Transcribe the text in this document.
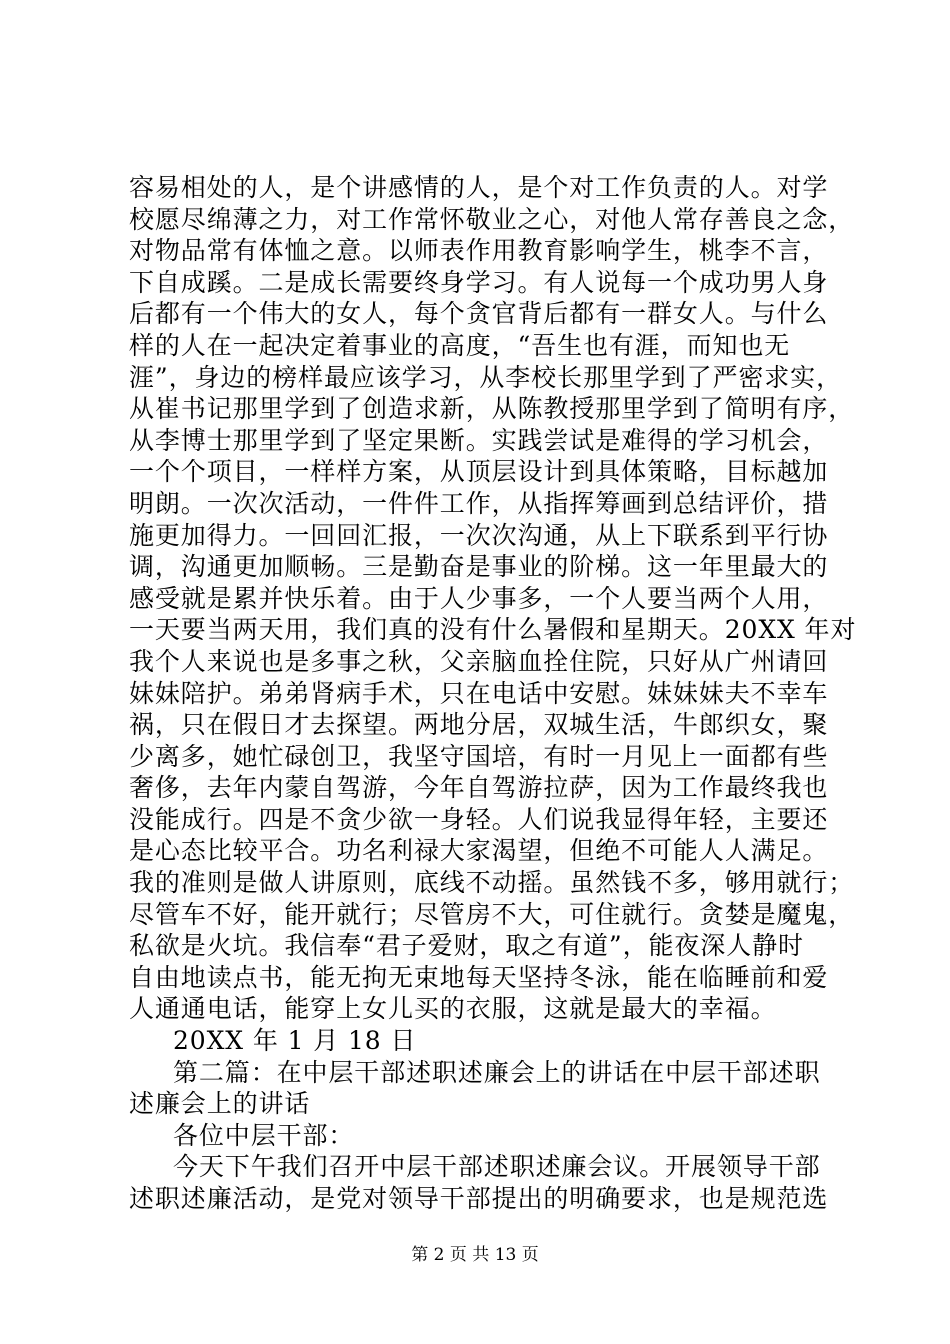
容易相处的人，是个讲感情的人，是个对工作负责的人。对学
校愿尽绵薄之力，对工作常怀敬业之心，对他人常存善良之念，
对物品常有体恤之意。以师表作用教育影响学生，桃李不言，
下自成蹊。二是成长需要终身学习。有人说每一个成功男人身
后都有一个伟大的女人，每个贪官背后都有一群女人。与什么
样的人在一起决定着事业的高度，“吾生也有涯，而知也无
涯”，身边的榜样最应该学习，从李校长那里学到了严密求实，
从崔书记那里学到了创造求新，从陈教授那里学到了简明有序，
从李博士那里学到了坚定果断。实践尝试是难得的学习机会，
一个个项目，一样样方案，从顶层设计到具体策略，目标越加
明朗。一次次活动，一件件工作，从指挥筹画到总结评价，措
施更加得力。一回回汇报，一次次沟通，从上下联系到平行协
调，沟通更加顺畅。三是勤奋是事业的阶梯。这一年里最大的
感受就是累并快乐着。由于人少事多，一个人要当两个人用，
一天要当两天用，我们真的没有什么暑假和星期天。20XX 年对
我个人来说也是多事之秋，父亲脑血拴住院，只好从广州请回
妹妹陪护。弟弟肾病手术，只在电话中安慰。妹妹妹夫不幸车
祸，只在假日才去探望。两地分居，双城生活，牛郎织女，聚
少离多，她忙碌创卫，我坚守国培，有时一月见上一面都有些
奢侈，去年内蒙自驾游，今年自驾游拉萨，因为工作最终我也
没能成行。四是不贪少欲一身轻。人们说我显得年轻，主要还
是心态比较平合。功名利禄大家渴望，但绝不可能人人满足。
我的准则是做人讲原则，底线不动摇。虽然钱不多，够用就行；
尽管车不好，能开就行；尽管房不大，可住就行。贪婪是魔鬼，
私欲是火坑。我信奉“君子爱财，取之有道”，能夜深人静时
自由地读点书，能无拘无束地每天坚持冬泳，能在临睡前和爱
人通通电话，能穿上女儿买的衣服，这就是最大的幸福。
20XX 年 1 月 18 日
第二篇：在中层干部述职述廉会上的讲话在中层干部述职
述廉会上的讲话
各位中层干部：
今天下午我们召开中层干部述职述廉会议。开展领导干部
述职述廉活动，是党对领导干部提出的明确要求，也是规范选
第 2 页 共 13 页
